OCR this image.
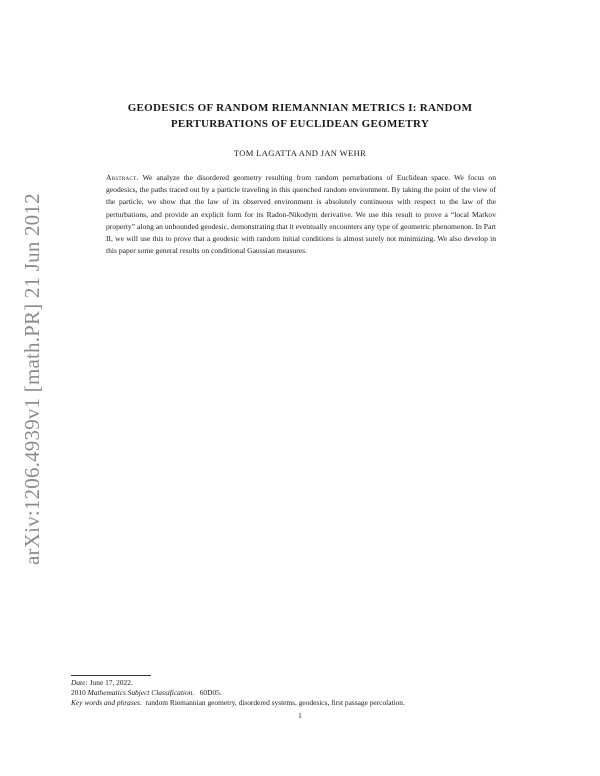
arXiv:1206.4939v1 [math.PR] 21 Jun 2012
GEODESICS OF RANDOM RIEMANNIAN METRICS I: RANDOM
PERTURBATIONS OF EUCLIDEAN GEOMETRY
TOM LAGATTA AND JAN WEHR
Abstract. We analyze the disordered geometry resulting from random perturbations of Euclidean space. We focus on geodesics, the paths traced out by a particle traveling in this quenched random environment. By taking the point of the view of the particle, we show that the law of its observed environment is absolutely continuous with respect to the law of the perturbations, and provide an explicit form for its Radon-Nikodym derivative. We use this result to prove a “local Markov property” along an unbounded geodesic, demonstrating that it eventually encounters any type of geometric phenomenon. In Part II, we will use this to prove that a geodesic with random initial conditions is almost surely not minimizing. We also develop in this paper some general results on conditional Gaussian measures.
Date: June 17, 2022.
2010 Mathematics Subject Classification. 60D05.
Key words and phrases. random Riemannian geometry, disordered systems, geodesics, first passage percolation.
1
